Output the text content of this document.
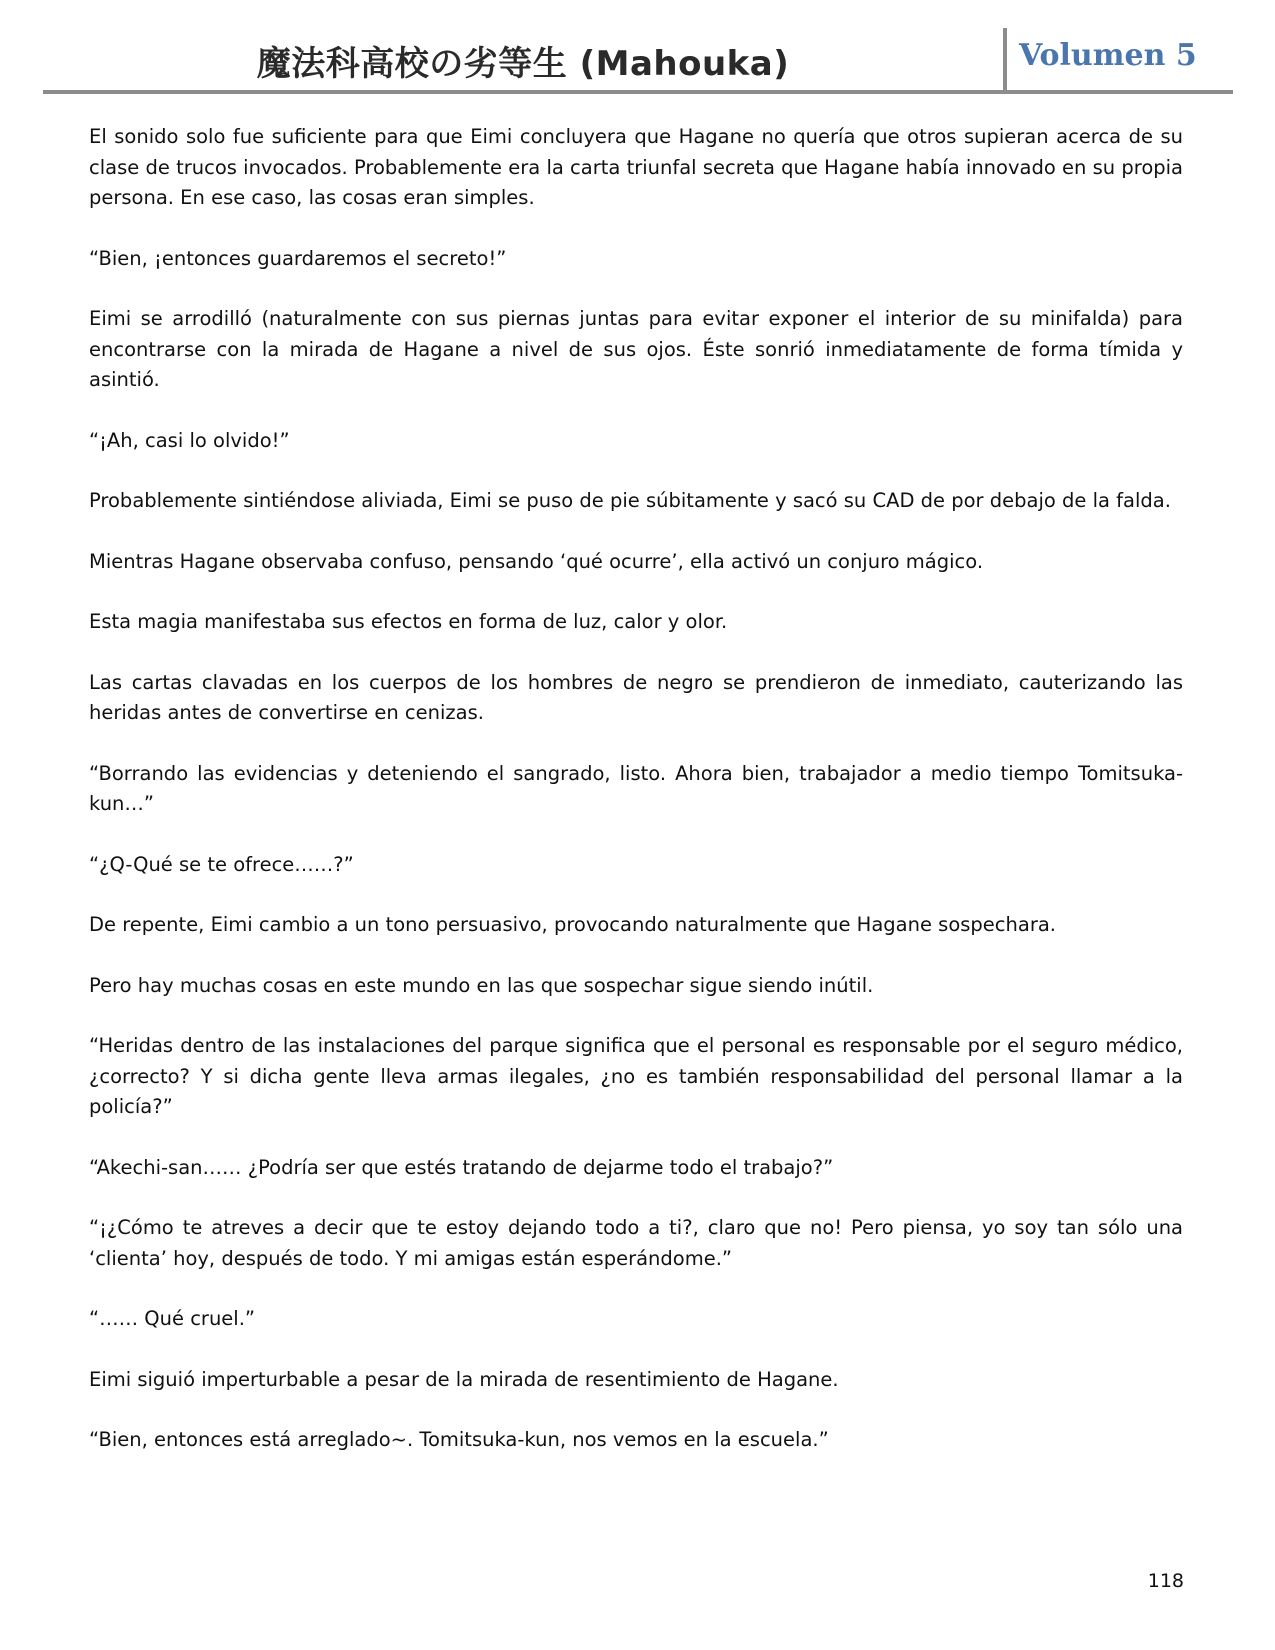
魔法科高校の劣等生 (Mahouka)	Volumen 5

El sonido solo fue suficiente para que Eimi concluyera que Hagane no quería que otros supieran acerca de su clase de trucos invocados. Probablemente era la carta triunfal secreta que Hagane había innovado en su propia persona. En ese caso, las cosas eran simples.

“Bien, ¡entonces guardaremos el secreto!”

Eimi se arrodilló (naturalmente con sus piernas juntas para evitar exponer el interior de su minifalda) para encontrarse con la mirada de Hagane a nivel de sus ojos. Éste sonrió inmediatamente de forma tímida y asintió.

“¡Ah, casi lo olvido!”

Probablemente sintiéndose aliviada, Eimi se puso de pie súbitamente y sacó su CAD de por debajo de la falda.

Mientras Hagane observaba confuso, pensando ‘qué ocurre’, ella activó un conjuro mágico.

Esta magia manifestaba sus efectos en forma de luz, calor y olor.

Las cartas clavadas en los cuerpos de los hombres de negro se prendieron de inmediato, cauterizando las heridas antes de convertirse en cenizas.

“Borrando las evidencias y deteniendo el sangrado, listo. Ahora bien, trabajador a medio tiempo Tomitsuka-kun…”

“¿Q-Qué se te ofrece……?”

De repente, Eimi cambio a un tono persuasivo, provocando naturalmente que Hagane sospechara.

Pero hay muchas cosas en este mundo en las que sospechar sigue siendo inútil.

“Heridas dentro de las instalaciones del parque significa que el personal es responsable por el seguro médico, ¿correcto? Y si dicha gente lleva armas ilegales, ¿no es también responsabilidad del personal llamar a la policía?”

“Akechi-san…… ¿Podría ser que estés tratando de dejarme todo el trabajo?”

“¡¿Cómo te atreves a decir que te estoy dejando todo a ti?, claro que no! Pero piensa, yo soy tan sólo una ‘clienta’ hoy, después de todo. Y mi amigas están esperándome.”

“…… Qué cruel.”

Eimi siguió imperturbable a pesar de la mirada de resentimiento de Hagane.

“Bien, entonces está arreglado~. Tomitsuka-kun, nos vemos en la escuela.”

118
